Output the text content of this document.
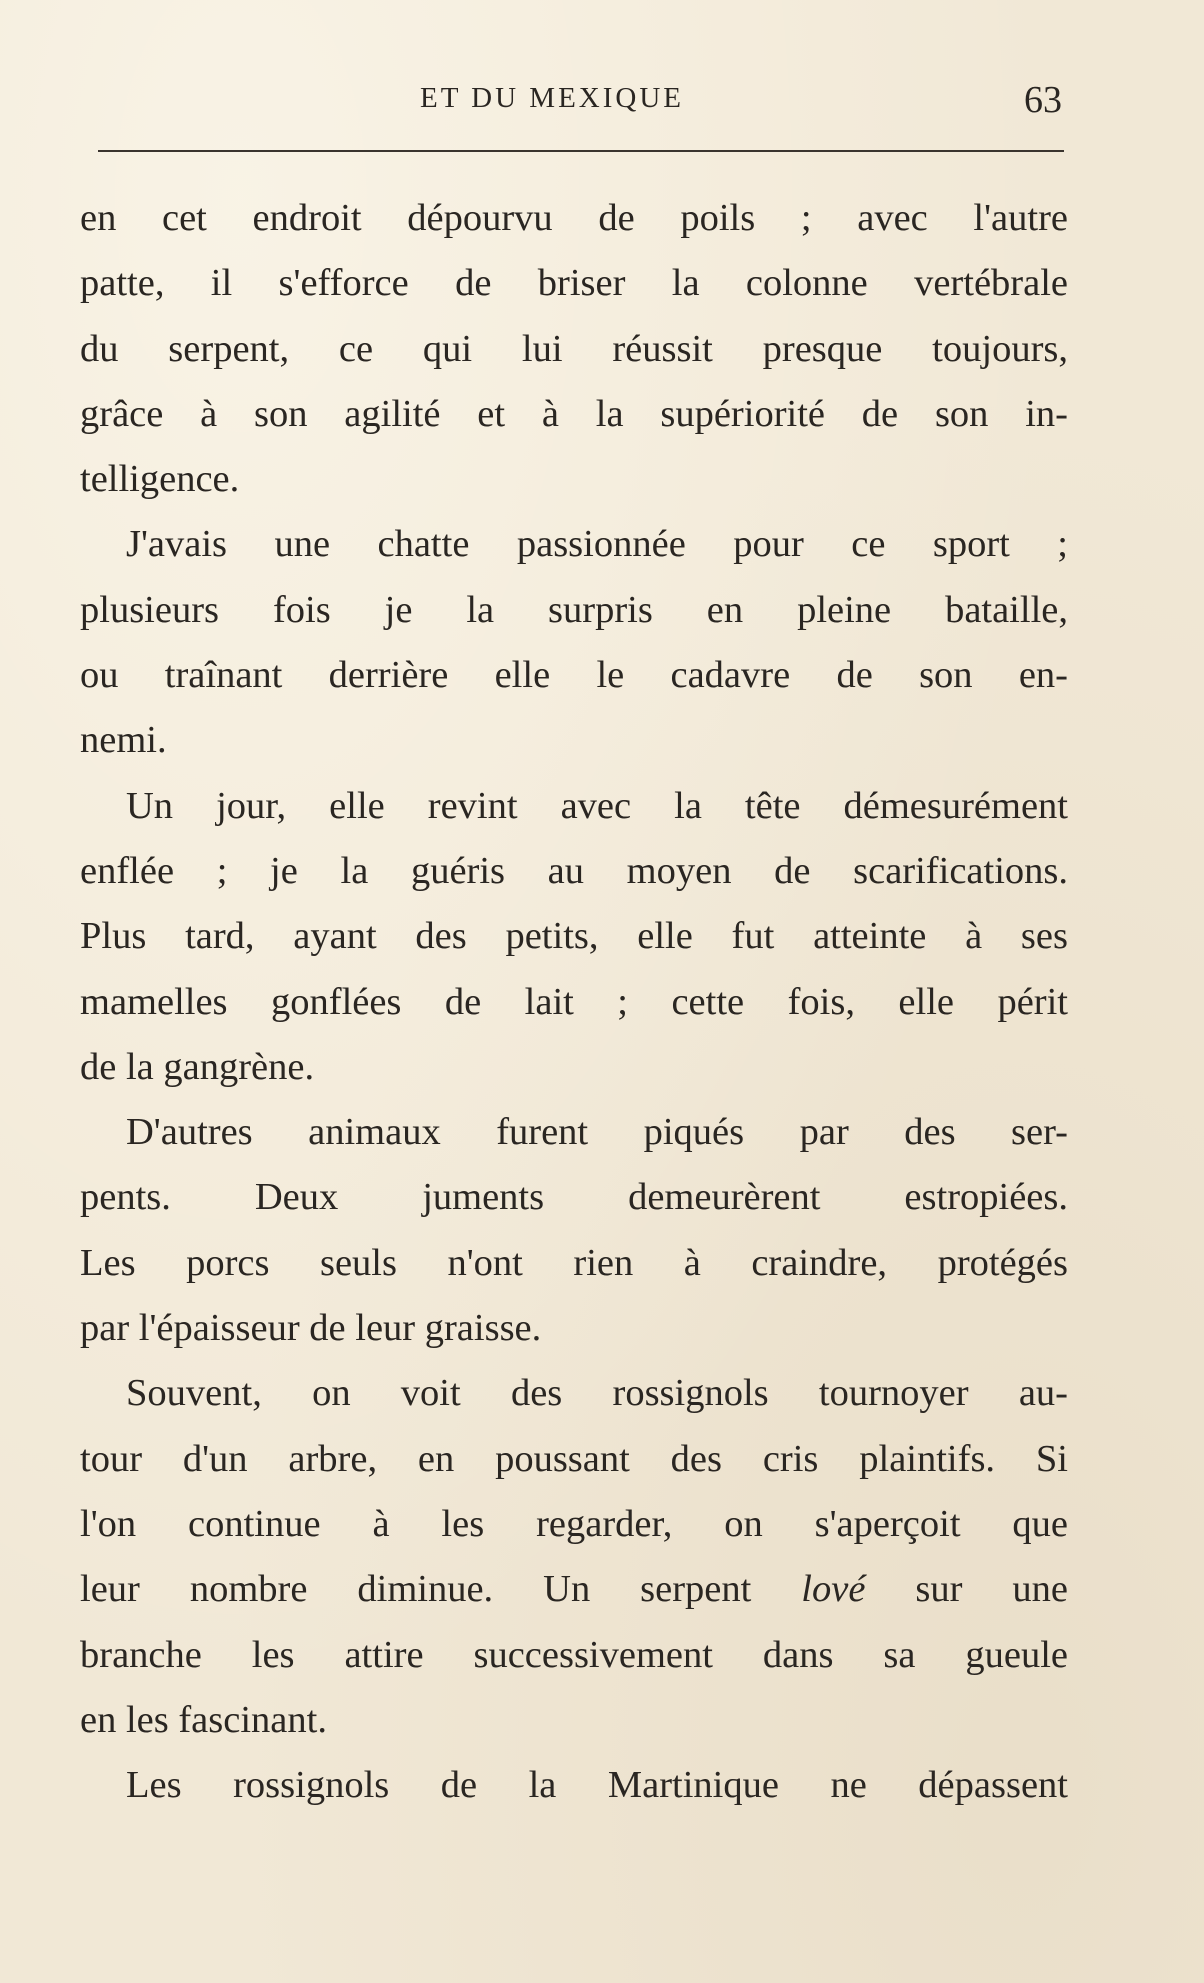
ET DU MEXIQUE	63
en cet endroit dépourvu de poils ; avec l'autre
patte, il s'efforce de briser la colonne vertébrale
du serpent, ce qui lui réussit presque toujours,
grâce à son agilité et à la supériorité de son in-
telligence.
J'avais une chatte passionnée pour ce sport ;
plusieurs fois je la surpris en pleine bataille,
ou traînant derrière elle le cadavre de son en-
nemi.
Un jour, elle revint avec la tête démesurément
enflée ; je la guéris au moyen de scarifications.
Plus tard, ayant des petits, elle fut atteinte à ses
mamelles gonflées de lait ; cette fois, elle périt
de la gangrène.
D'autres animaux furent piqués par des ser-
pents. Deux juments demeurèrent estropiées.
Les porcs seuls n'ont rien à craindre, protégés
par l'épaisseur de leur graisse.
Souvent, on voit des rossignols tournoyer au-
tour d'un arbre, en poussant des cris plaintifs. Si
l'on continue à les regarder, on s'aperçoit que
leur nombre diminue. Un serpent lové sur une
branche les attire successivement dans sa gueule
en les fascinant.
Les rossignols de la Martinique ne dépassent
